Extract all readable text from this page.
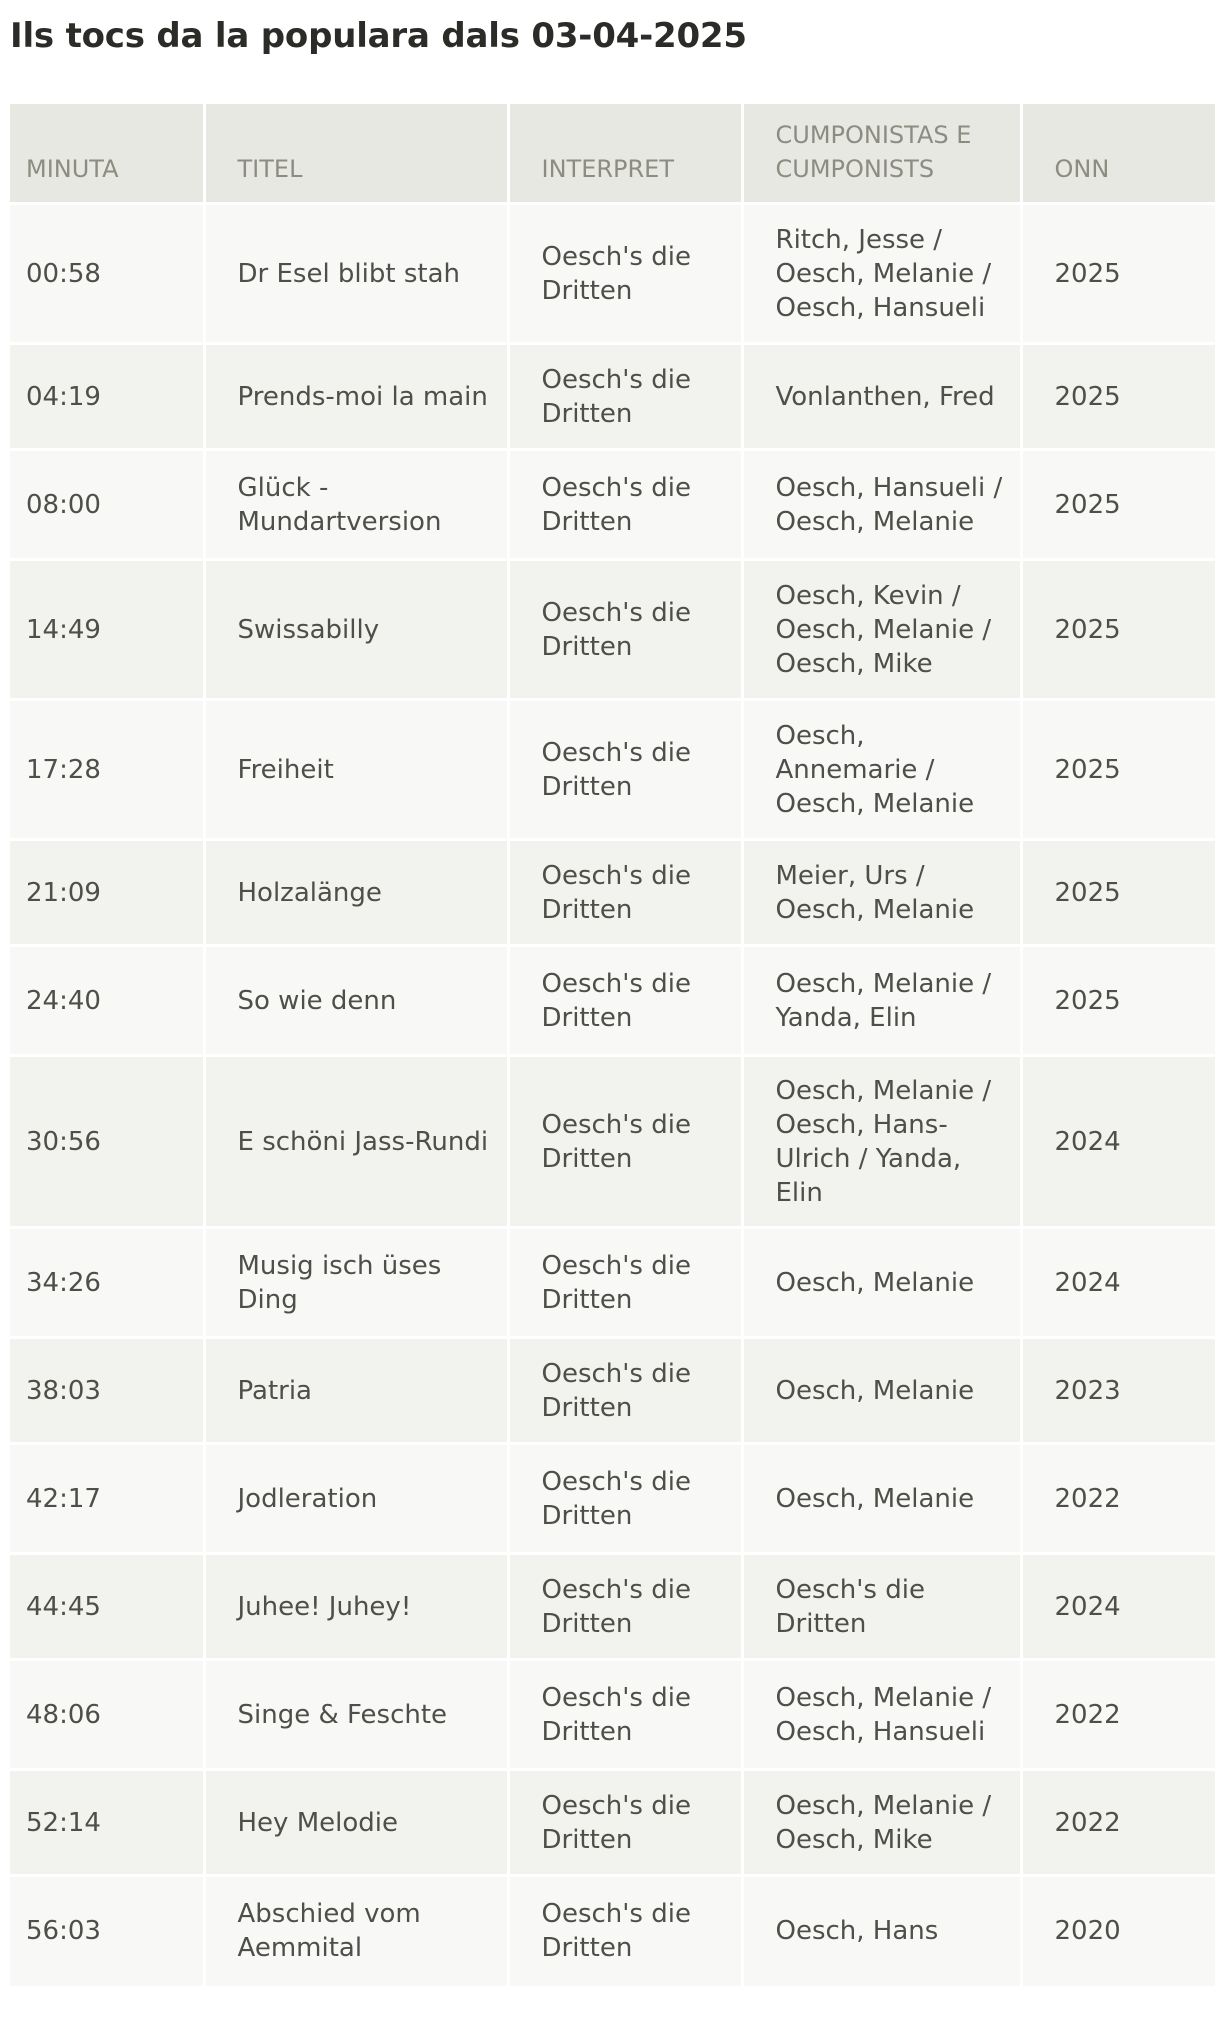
Ils tocs da la populara dals 03-04-2025
MINUTA	TITEL	INTERPRET	CUMPONISTAS E CUMPONISTS	ONN
00:58	Dr Esel blibt stah	Oesch's die Dritten	Ritch, Jesse / Oesch, Melanie / Oesch, Hansueli	2025
04:19	Prends-moi la main	Oesch's die Dritten	Vonlanthen, Fred	2025
08:00	Glück - Mundartversion	Oesch's die Dritten	Oesch, Hansueli / Oesch, Melanie	2025
14:49	Swissabilly	Oesch's die Dritten	Oesch, Kevin / Oesch, Melanie / Oesch, Mike	2025
17:28	Freiheit	Oesch's die Dritten	Oesch, Annemarie / Oesch, Melanie	2025
21:09	Holzalänge	Oesch's die Dritten	Meier, Urs / Oesch, Melanie	2025
24:40	So wie denn	Oesch's die Dritten	Oesch, Melanie / Yanda, Elin	2025
30:56	E schöni Jass-Rundi	Oesch's die Dritten	Oesch, Melanie / Oesch, Hans-Ulrich / Yanda, Elin	2024
34:26	Musig isch üses Ding	Oesch's die Dritten	Oesch, Melanie	2024
38:03	Patria	Oesch's die Dritten	Oesch, Melanie	2023
42:17	Jodleration	Oesch's die Dritten	Oesch, Melanie	2022
44:45	Juhee! Juhey!	Oesch's die Dritten	Oesch's die Dritten	2024
48:06	Singe & Feschte	Oesch's die Dritten	Oesch, Melanie / Oesch, Hansueli	2022
52:14	Hey Melodie	Oesch's die Dritten	Oesch, Melanie / Oesch, Mike	2022
56:03	Abschied vom Aemmital	Oesch's die Dritten	Oesch, Hans	2020
